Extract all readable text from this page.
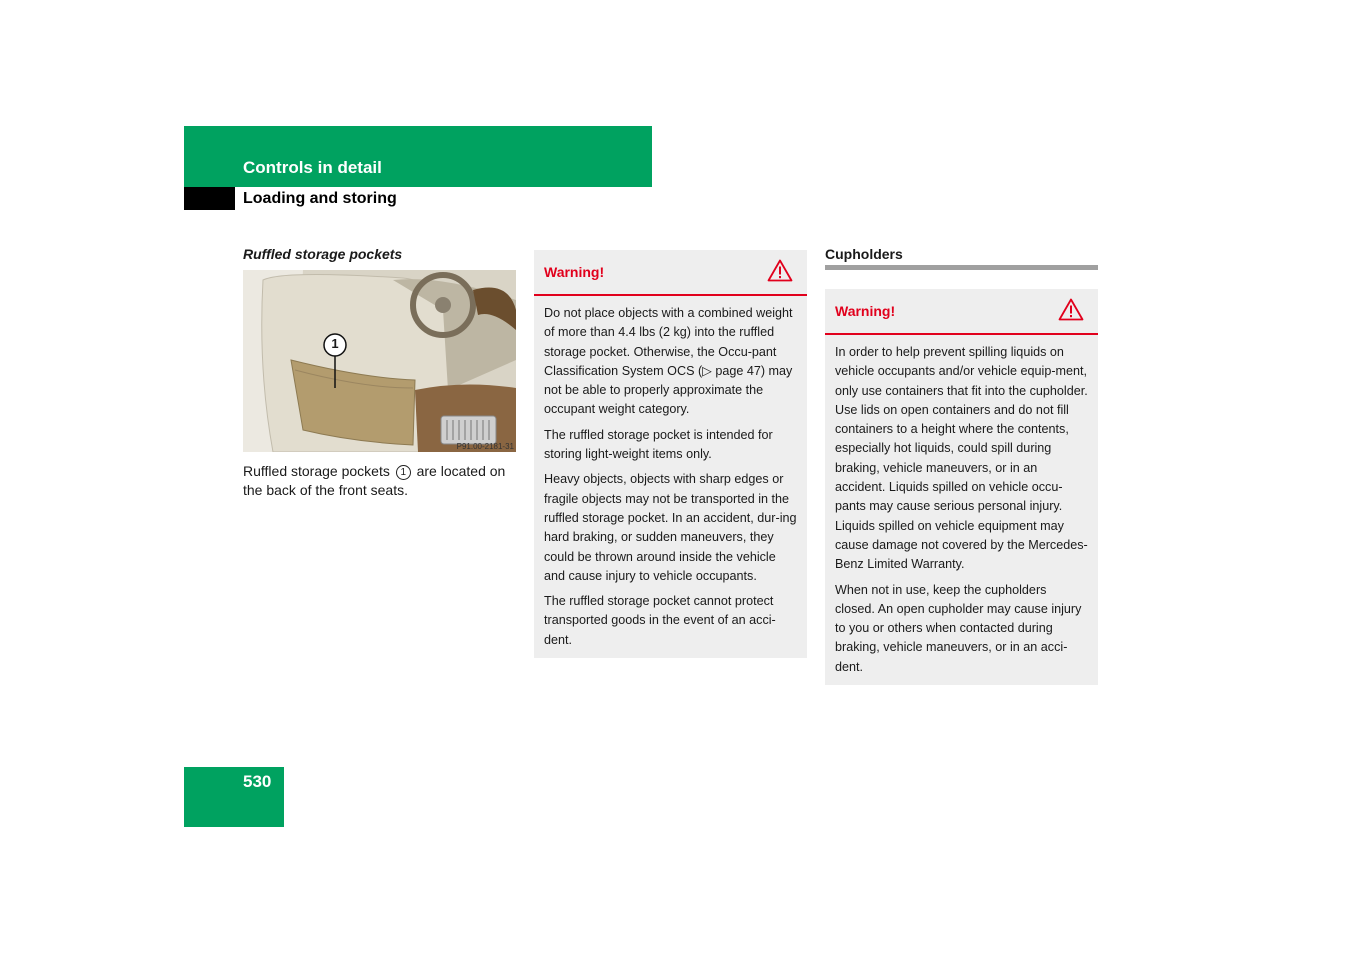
Controls in detail
Loading and storing

Ruffled storage pockets

1
P91.00-2181-31

Ruffled storage pockets 1 are located on the back of the front seats.

Warning!

Do not place objects with a combined weight of more than 4.4 lbs (2 kg) into the ruffled storage pocket. Otherwise, the Occu-pant Classification System OCS (▷ page 47) may not be able to properly approximate the occupant weight category.

The ruffled storage pocket is intended for storing light-weight items only.

Heavy objects, objects with sharp edges or fragile objects may not be transported in the ruffled storage pocket. In an accident, dur-ing hard braking, or sudden maneuvers, they could be thrown around inside the vehicle and cause injury to vehicle occupants.

The ruffled storage pocket cannot protect transported goods in the event of an acci-dent.

Cupholders
Warning!

In order to help prevent spilling liquids on vehicle occupants and/or vehicle equip-ment, only use containers that fit into the cupholder. Use lids on open containers and do not fill containers to a height where the contents, especially hot liquids, could spill during braking, vehicle maneuvers, or in an accident. Liquids spilled on vehicle occu-pants may cause serious personal injury. Liquids spilled on vehicle equipment may cause damage not covered by the Mercedes-Benz Limited Warranty.

When not in use, keep the cupholders closed. An open cupholder may cause injury to you or others when contacted during braking, vehicle maneuvers, or in an acci-dent.

530
